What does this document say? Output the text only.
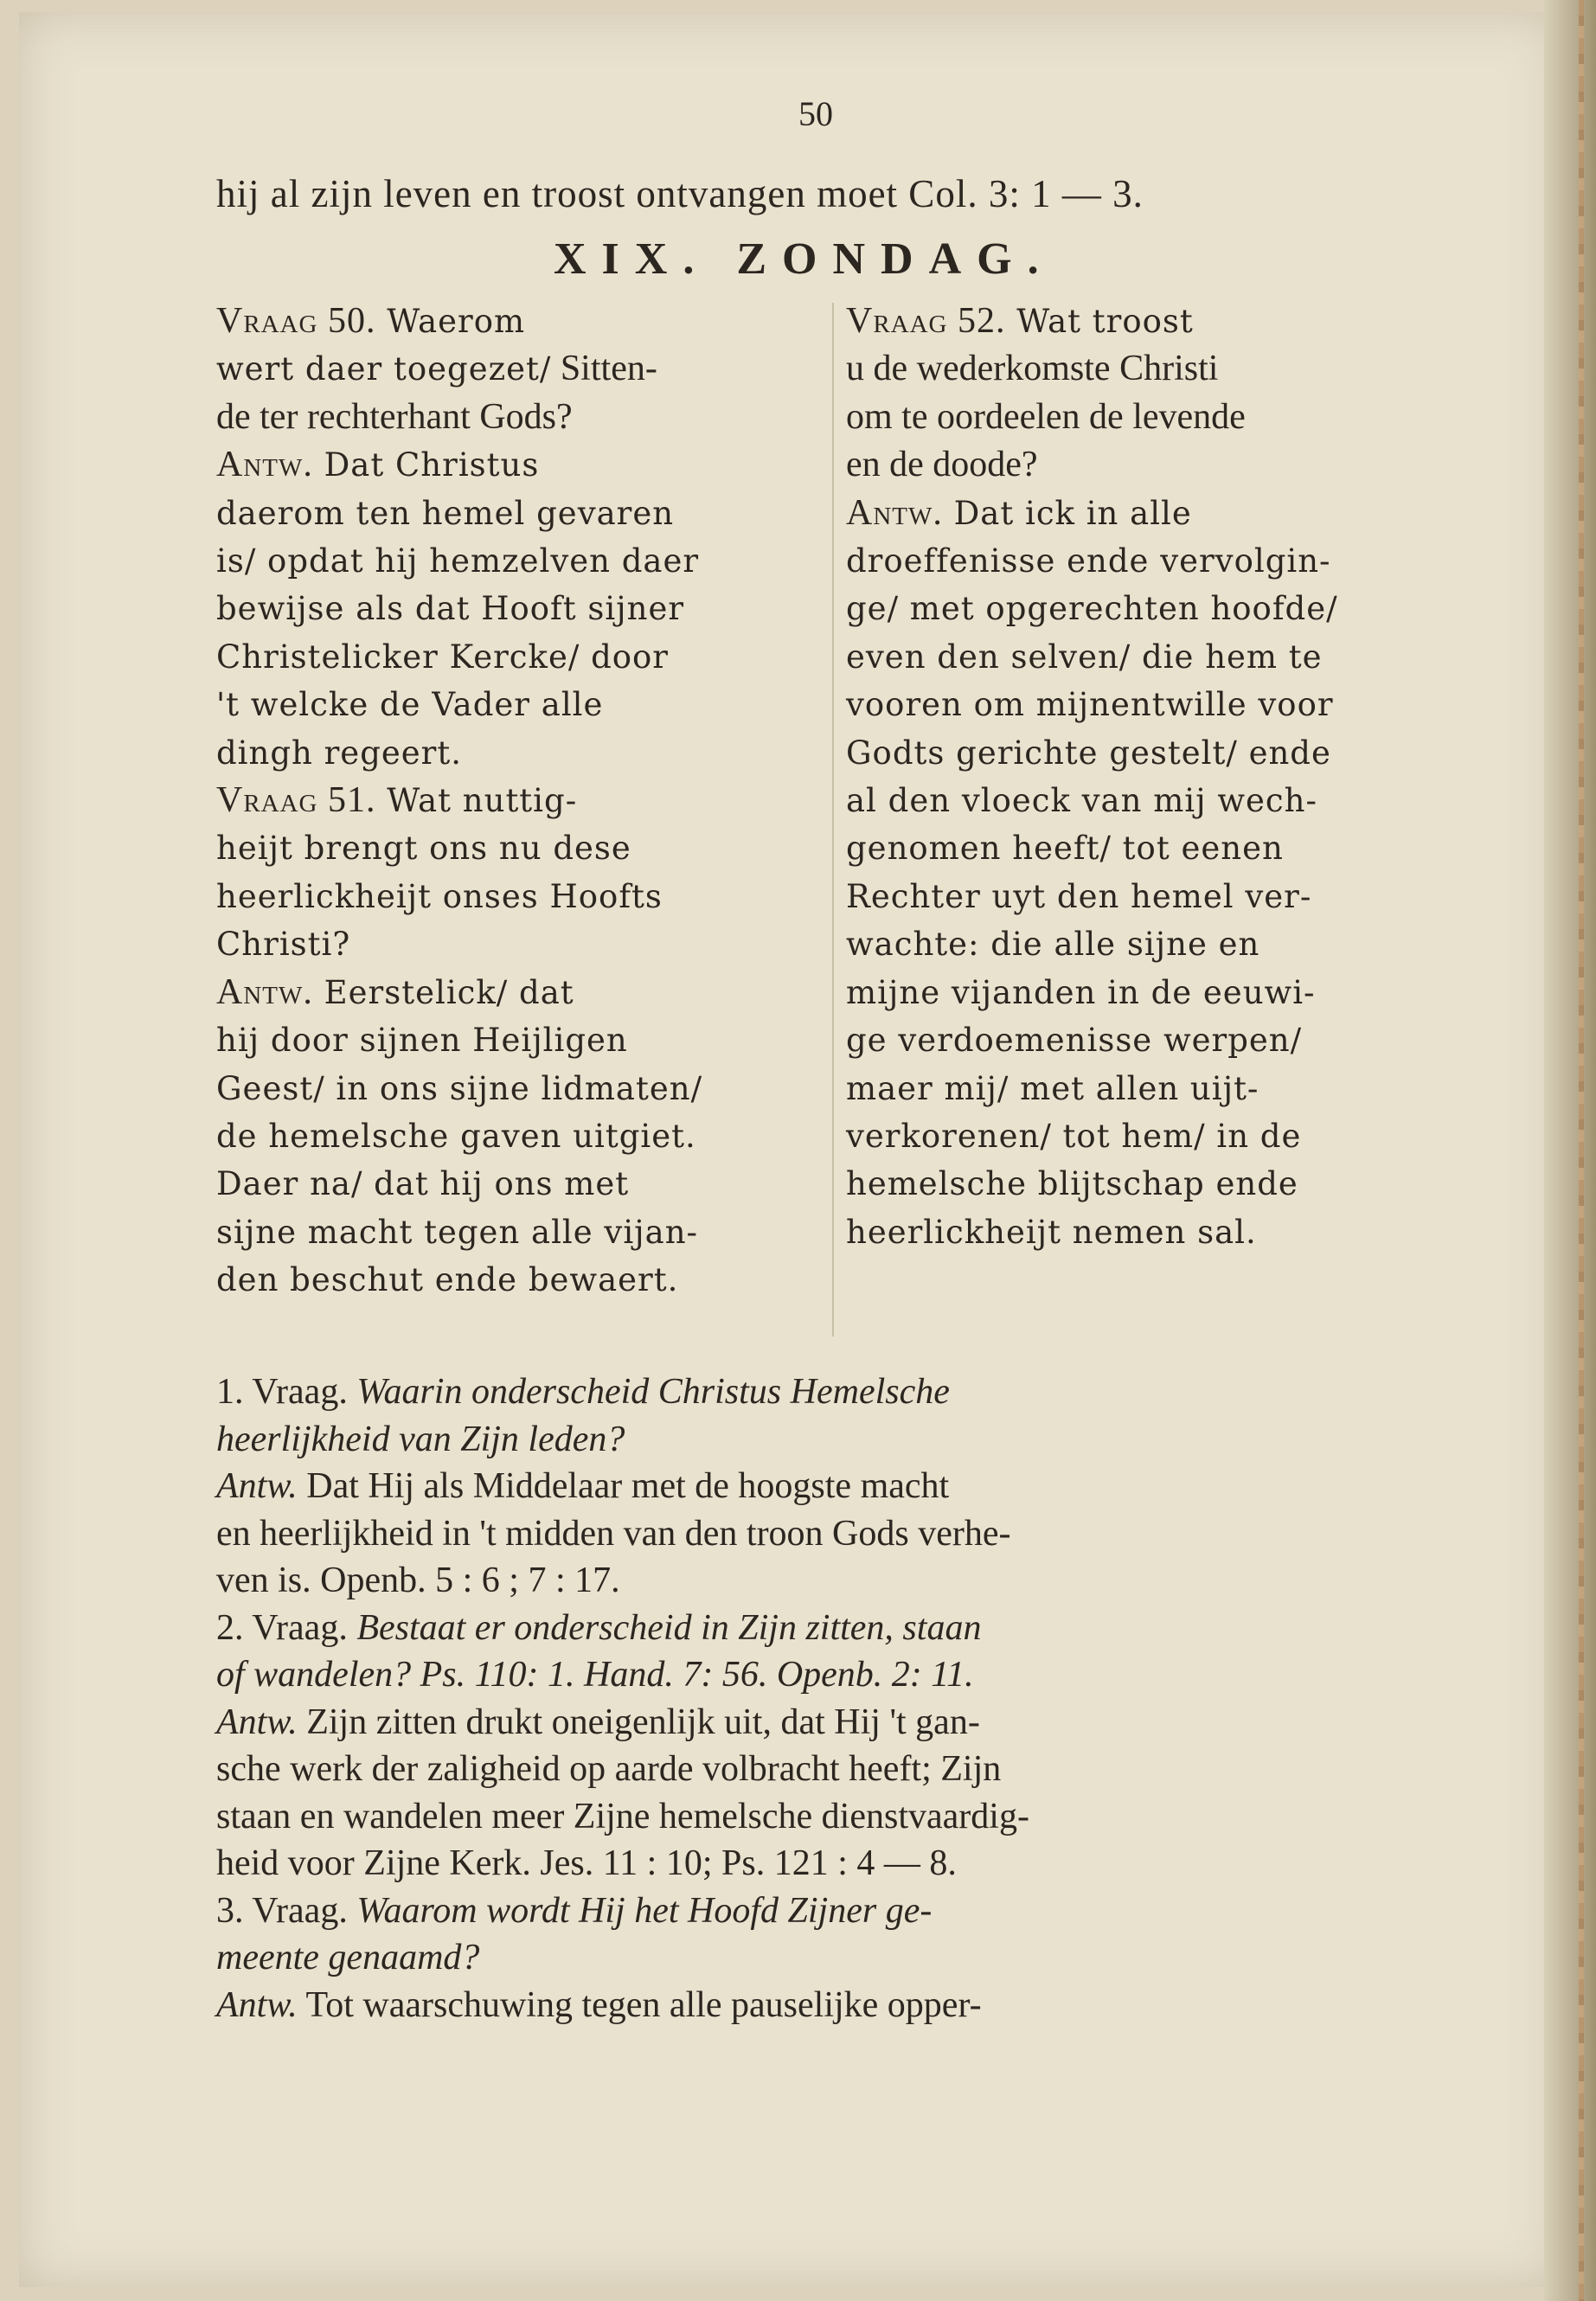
50
hij al zijn leven en troost ontvangen moet Col. 3: 1 — 3.
XIX. ZONDAG.
Vraag 50. Waerom
wert daer toegezet/ Sitten-
de ter rechterhant Gods?
Antw. Dat Christus
daerom ten hemel gevaren
is/ opdat hij hemzelven daer
bewijse als dat Hooft sijner
Christelicker Kercke/ door
't welcke de Vader alle
dingh regeert.
Vraag 51. Wat nuttig-
heijt brengt ons nu dese
heerlickheijt onses Hoofts
Christi?
Antw. Eerstelick/ dat
hij door sijnen Heijligen
Geest/ in ons sijne lidmaten/
de hemelsche gaven uitgiet.
Daer na/ dat hij ons met
sijne macht tegen alle vijan-
den beschut ende bewaert.
Vraag 52. Wat troost
u de wederkomste Christi
om te oordeelen de levende
en de doode?
Antw. Dat ick in alle
droeffenisse ende vervolgin-
ge/ met opgerechten hoofde/
even den selven/ die hem te
vooren om mijnentwille voor
Godts gerichte gestelt/ ende
al den vloeck van mij wech-
genomen heeft/ tot eenen
Rechter uyt den hemel ver-
wachte: die alle sijne en
mijne vijanden in de eeuwi-
ge verdoemenisse werpen/
maer mij/ met allen uijt-
verkorenen/ tot hem/ in de
hemelsche blijtschap ende
heerlickheijt nemen sal.
1. Vraag. Waarin onderscheid Christus Hemelsche
heerlijkheid van Zijn leden?
Antw. Dat Hij als Middelaar met de hoogste macht
en heerlijkheid in 't midden van den troon Gods verhe-
ven is. Openb. 5 : 6 ; 7 : 17.
2. Vraag. Bestaat er onderscheid in Zijn zitten, staan
of wandelen? Ps. 110: 1. Hand. 7: 56. Openb. 2: 11.
Antw. Zijn zitten drukt oneigenlijk uit, dat Hij 't gan-
sche werk der zaligheid op aarde volbracht heeft; Zijn
staan en wandelen meer Zijne hemelsche dienstvaardig-
heid voor Zijne Kerk. Jes. 11 : 10; Ps. 121 : 4 — 8.
3. Vraag. Waarom wordt Hij het Hoofd Zijner ge-
meente genaamd?
Antw. Tot waarschuwing tegen alle pauselijke opper-
